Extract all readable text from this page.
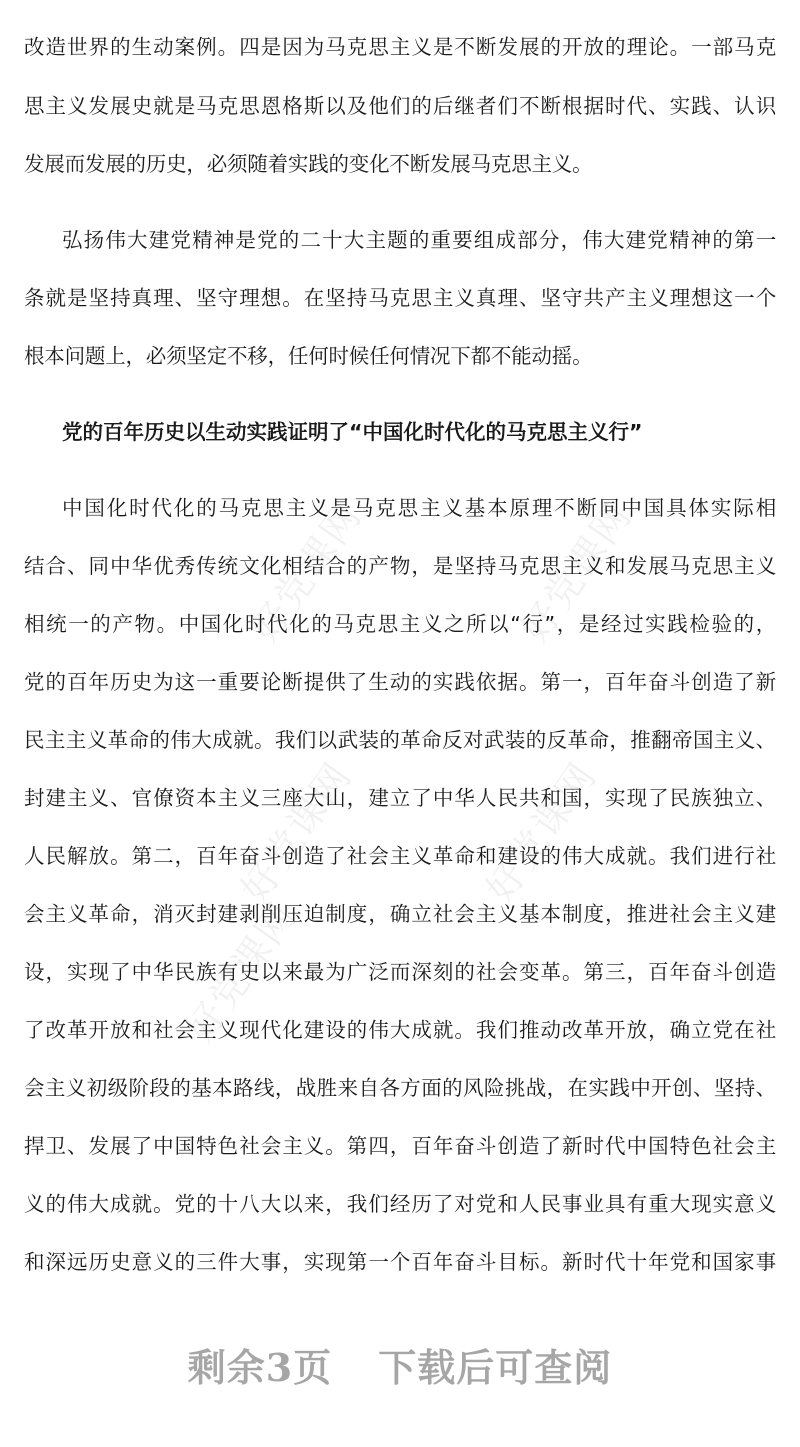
好党课网	好党课网
好党课网	好党课网
好党课网
改造世界的生动案例。四是因为马克思主义是不断发展的开放的理论。一部马克
思主义发展史就是马克思恩格斯以及他们的后继者们不断根据时代、实践、认识
发展而发展的历史，必须随着实践的变化不断发展马克思主义。
弘扬伟大建党精神是党的二十大主题的重要组成部分，伟大建党精神的第一
条就是坚持真理、坚守理想。在坚持马克思主义真理、坚守共产主义理想这一个
根本问题上，必须坚定不移，任何时候任何情况下都不能动摇。
党的百年历史以生动实践证明了“中国化时代化的马克思主义行”
中国化时代化的马克思主义是马克思主义基本原理不断同中国具体实际相
结合、同中华优秀传统文化相结合的产物，是坚持马克思主义和发展马克思主义
相统一的产物。中国化时代化的马克思主义之所以“行”，是经过实践检验的，
党的百年历史为这一重要论断提供了生动的实践依据。第一，百年奋斗创造了新
民主主义革命的伟大成就。我们以武装的革命反对武装的反革命，推翻帝国主义、
封建主义、官僚资本主义三座大山，建立了中华人民共和国，实现了民族独立、
人民解放。第二，百年奋斗创造了社会主义革命和建设的伟大成就。我们进行社
会主义革命，消灭封建剥削压迫制度，确立社会主义基本制度，推进社会主义建
设，实现了中华民族有史以来最为广泛而深刻的社会变革。第三，百年奋斗创造
了改革开放和社会主义现代化建设的伟大成就。我们推动改革开放，确立党在社
会主义初级阶段的基本路线，战胜来自各方面的风险挑战，在实践中开创、坚持、
捍卫、发展了中国特色社会主义。第四，百年奋斗创造了新时代中国特色社会主
义的伟大成就。党的十八大以来，我们经历了对党和人民事业具有重大现实意义
和深远历史意义的三件大事，实现第一个百年奋斗目标。新时代十年党和国家事
剩余3页 下载后可查阅
